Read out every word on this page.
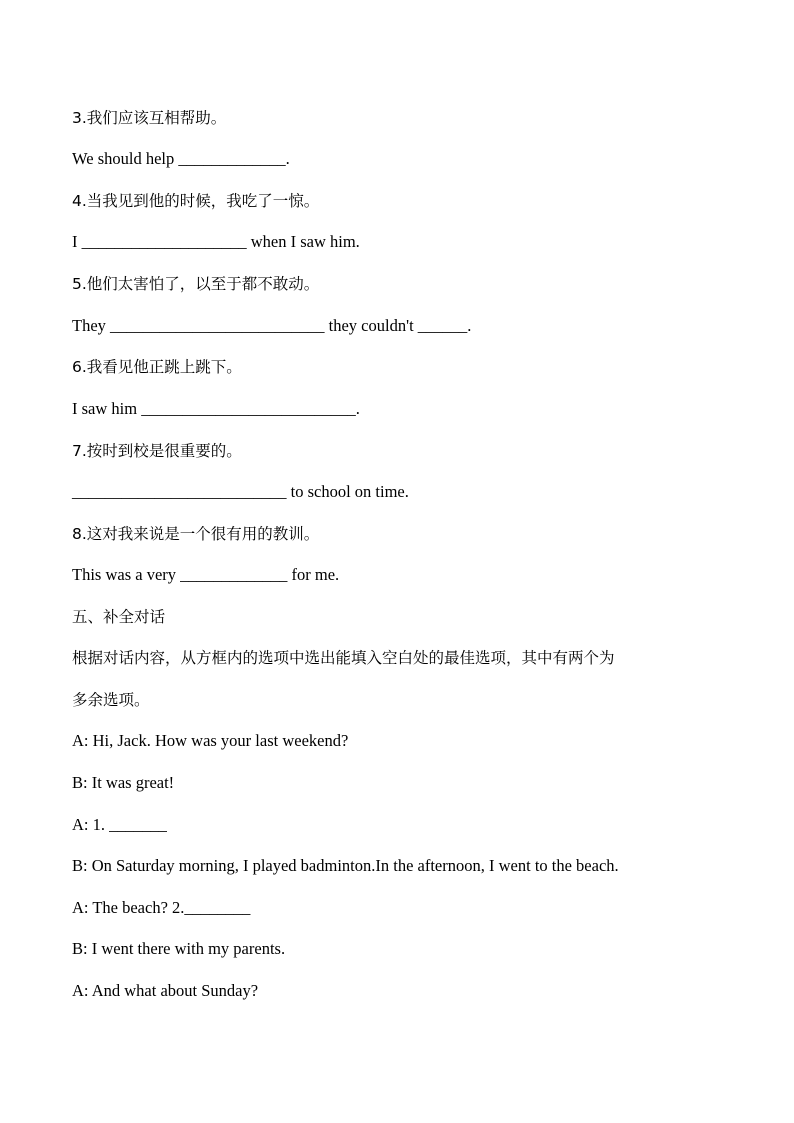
3.我们应该互相帮助。
We should help _____________.
4.当我见到他的时候，我吃了一惊。
I ____________________ when I saw him.
5.他们太害怕了，以至于都不敢动。
They __________________________ they couldn't ______.
6.我看见他正跳上跳下。
I saw him __________________________.
7.按时到校是很重要的。
__________________________ to school on time.
8.这对我来说是一个很有用的教训。
This was a very _____________ for me.
五、补全对话
根据对话内容，从方框内的选项中选出能填入空白处的最佳选项，其中有两个为
多余选项。
A: Hi, Jack. How was your last weekend?
B: It was great!
A: 1. _______
B: On Saturday morning, I played badminton.In the afternoon, I went to the beach.
A: The beach? 2.________
B: I went there with my parents.
A: And what about Sunday?
